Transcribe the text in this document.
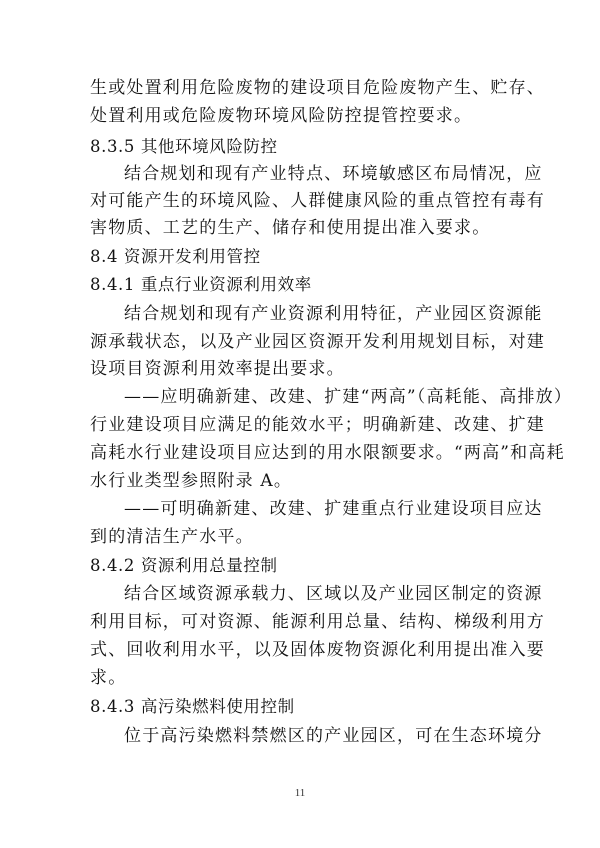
生或处置利用危险废物的建设项目危险废物产生、贮存、
处置利用或危险废物环境风险防控提管控要求。
8.3.5 其他环境风险防控
结合规划和现有产业特点、环境敏感区布局情况，应
对可能产生的环境风险、人群健康风险的重点管控有毒有
害物质、工艺的生产、储存和使用提出准入要求。
8.4 资源开发利用管控
8.4.1 重点行业资源利用效率
结合规划和现有产业资源利用特征，产业园区资源能
源承载状态，以及产业园区资源开发利用规划目标，对建
设项目资源利用效率提出要求。
——应明确新建、改建、扩建“两高”（高耗能、高排放）
行业建设项目应满足的能效水平；明确新建、改建、扩建
高耗水行业建设项目应达到的用水限额要求。“两高”和高耗
水行业类型参照附录 A。
——可明确新建、改建、扩建重点行业建设项目应达
到的清洁生产水平。
8.4.2 资源利用总量控制
结合区域资源承载力、区域以及产业园区制定的资源
利用目标，可对资源、能源利用总量、结构、梯级利用方
式、回收利用水平，以及固体废物资源化利用提出准入要
求。
8.4.3 高污染燃料使用控制
位于高污染燃料禁燃区的产业园区，可在生态环境分
11
